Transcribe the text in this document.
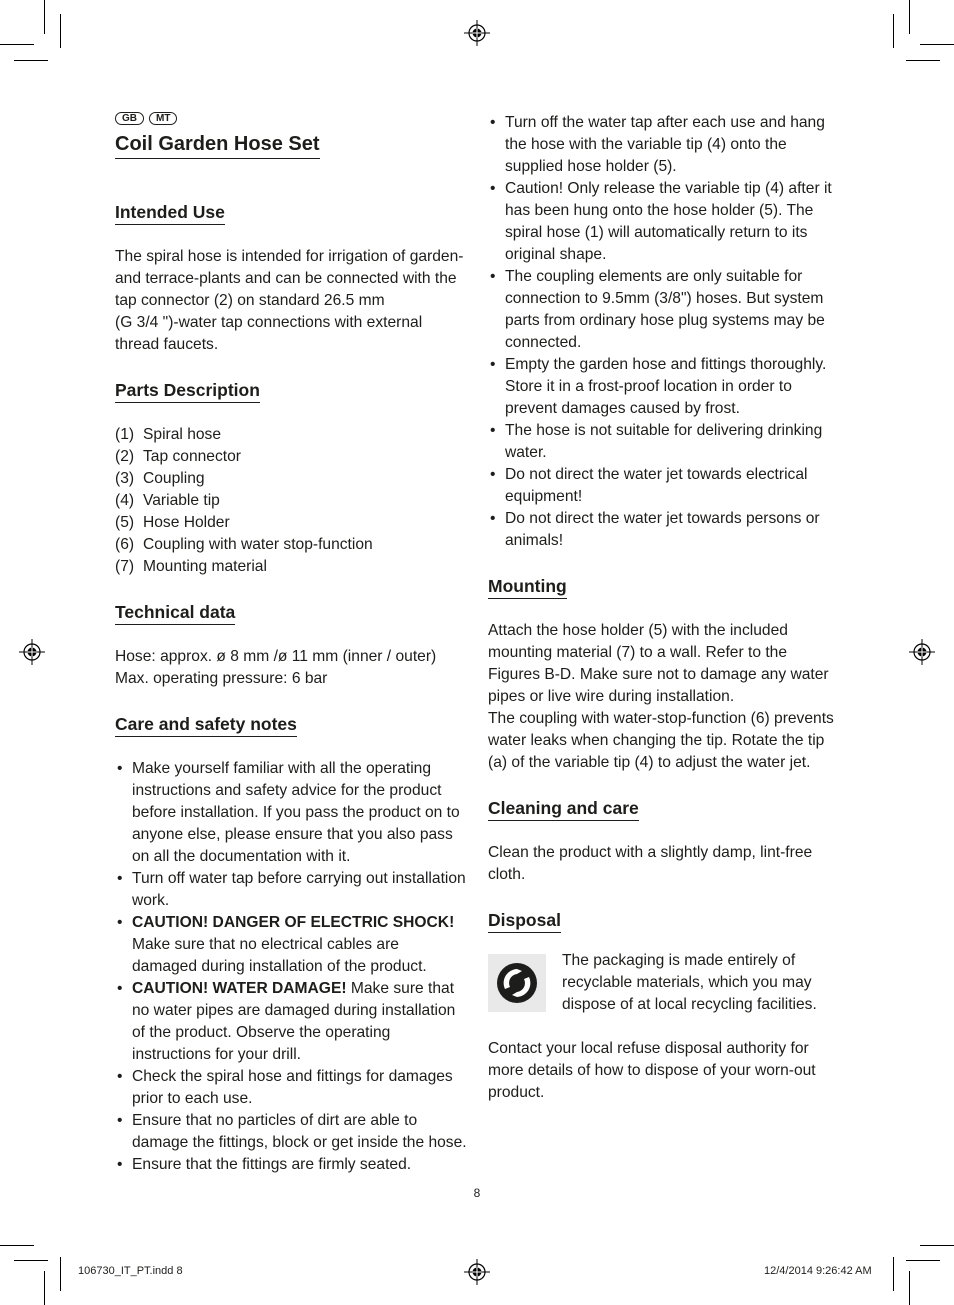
GB	MT
Coil Garden Hose Set
Intended Use
The spiral hose is intended for irrigation of garden-
and terrace-plants and can be connected with the
tap connector (2) on standard 26.5 mm
(G 3/4 ")-water tap connections with external
thread faucets.
Parts Description
(1) Spiral hose
(2) Tap connector
(3) Coupling
(4) Variable tip
(5) Hose Holder
(6) Coupling with water stop-function
(7) Mounting material
Technical data
Hose: approx. ø 8 mm /ø 11 mm (inner / outer)
Max. operating pressure: 6 bar
Care and safety notes
• Make yourself familiar with all the operating instructions and safety advice for the product before installation. If you pass the product on to anyone else, please ensure that you also pass on all the documentation with it.
• Turn off water tap before carrying out installation work.
• CAUTION! DANGER OF ELECTRIC SHOCK! Make sure that no electrical cables are damaged during installation of the product.
• CAUTION! WATER DAMAGE! Make sure that no water pipes are damaged during installation of the product. Observe the operating instructions for your drill.
• Check the spiral hose and fittings for damages prior to each use.
• Ensure that no particles of dirt are able to damage the fittings, block or get inside the hose.
• Ensure that the fittings are firmly seated.
• Turn off the water tap after each use and hang the hose with the variable tip (4) onto the supplied hose holder (5).
• Caution! Only release the variable tip (4) after it has been hung onto the hose holder (5). The spiral hose (1) will automatically return to its original shape.
• The coupling elements are only suitable for connection to 9.5mm (3/8") hoses. But system parts from ordinary hose plug systems may be connected.
• Empty the garden hose and fittings thoroughly. Store it in a frost-proof location in order to prevent damages caused by frost.
• The hose is not suitable for delivering drinking water.
• Do not direct the water jet towards electrical equipment!
• Do not direct the water jet towards persons or animals!
Mounting

Attach the hose holder (5) with the included mounting material (7) to a wall. Refer to the Figures B-D. Make sure not to damage any water pipes or live wire during installation.

The coupling with water-stop-function (6) prevents water leaks when changing the tip. Rotate the tip (a) of the variable tip (4) to adjust the water jet.

Cleaning and care

Clean the product with a slightly damp, lint-free cloth.

Disposal

The packaging is made entirely of recyclable materials, which you may dispose of at local recycling facilities.

Contact your local refuse disposal authority for more details of how to dispose of your worn-out product.

8
106730_IT_PT.indd 8	12/4/2014 9:26:42 AM
